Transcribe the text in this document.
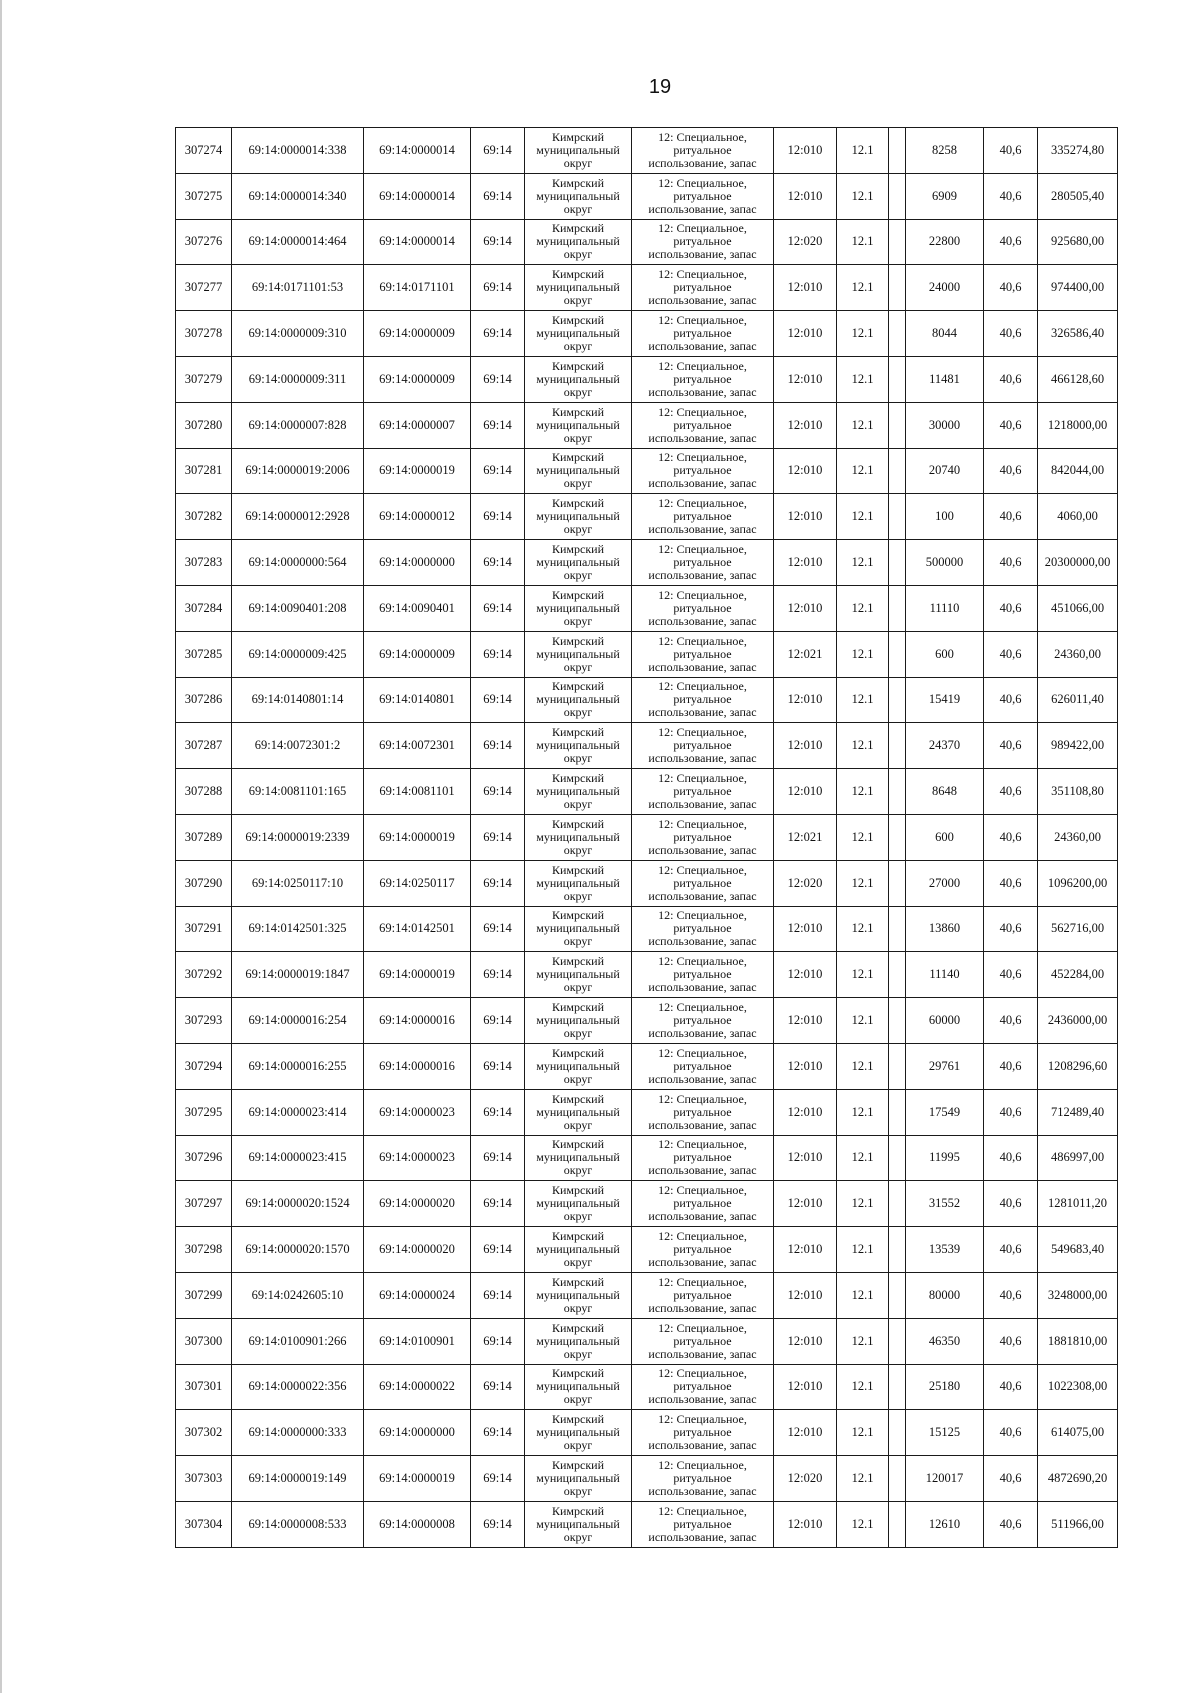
19
307274	69:14:0000014:338	69:14:0000014	69:14	Кимрский
муниципальный
округ	12: Специальное,
ритуальное
использование, запас	12:010	12.1		8258	40,6	335274,80
307275	69:14:0000014:340	69:14:0000014	69:14	Кимрский
муниципальный
округ	12: Специальное,
ритуальное
использование, запас	12:010	12.1		6909	40,6	280505,40
307276	69:14:0000014:464	69:14:0000014	69:14	Кимрский
муниципальный
округ	12: Специальное,
ритуальное
использование, запас	12:020	12.1		22800	40,6	925680,00
307277	69:14:0171101:53	69:14:0171101	69:14	Кимрский
муниципальный
округ	12: Специальное,
ритуальное
использование, запас	12:010	12.1		24000	40,6	974400,00
307278	69:14:0000009:310	69:14:0000009	69:14	Кимрский
муниципальный
округ	12: Специальное,
ритуальное
использование, запас	12:010	12.1		8044	40,6	326586,40
307279	69:14:0000009:311	69:14:0000009	69:14	Кимрский
муниципальный
округ	12: Специальное,
ритуальное
использование, запас	12:010	12.1		11481	40,6	466128,60
307280	69:14:0000007:828	69:14:0000007	69:14	Кимрский
муниципальный
округ	12: Специальное,
ритуальное
использование, запас	12:010	12.1		30000	40,6	1218000,00
307281	69:14:0000019:2006	69:14:0000019	69:14	Кимрский
муниципальный
округ	12: Специальное,
ритуальное
использование, запас	12:010	12.1		20740	40,6	842044,00
307282	69:14:0000012:2928	69:14:0000012	69:14	Кимрский
муниципальный
округ	12: Специальное,
ритуальное
использование, запас	12:010	12.1		100	40,6	4060,00
307283	69:14:0000000:564	69:14:0000000	69:14	Кимрский
муниципальный
округ	12: Специальное,
ритуальное
использование, запас	12:010	12.1		500000	40,6	20300000,00
307284	69:14:0090401:208	69:14:0090401	69:14	Кимрский
муниципальный
округ	12: Специальное,
ритуальное
использование, запас	12:010	12.1		11110	40,6	451066,00
307285	69:14:0000009:425	69:14:0000009	69:14	Кимрский
муниципальный
округ	12: Специальное,
ритуальное
использование, запас	12:021	12.1		600	40,6	24360,00
307286	69:14:0140801:14	69:14:0140801	69:14	Кимрский
муниципальный
округ	12: Специальное,
ритуальное
использование, запас	12:010	12.1		15419	40,6	626011,40
307287	69:14:0072301:2	69:14:0072301	69:14	Кимрский
муниципальный
округ	12: Специальное,
ритуальное
использование, запас	12:010	12.1		24370	40,6	989422,00
307288	69:14:0081101:165	69:14:0081101	69:14	Кимрский
муниципальный
округ	12: Специальное,
ритуальное
использование, запас	12:010	12.1		8648	40,6	351108,80
307289	69:14:0000019:2339	69:14:0000019	69:14	Кимрский
муниципальный
округ	12: Специальное,
ритуальное
использование, запас	12:021	12.1		600	40,6	24360,00
307290	69:14:0250117:10	69:14:0250117	69:14	Кимрский
муниципальный
округ	12: Специальное,
ритуальное
использование, запас	12:020	12.1		27000	40,6	1096200,00
307291	69:14:0142501:325	69:14:0142501	69:14	Кимрский
муниципальный
округ	12: Специальное,
ритуальное
использование, запас	12:010	12.1		13860	40,6	562716,00
307292	69:14:0000019:1847	69:14:0000019	69:14	Кимрский
муниципальный
округ	12: Специальное,
ритуальное
использование, запас	12:010	12.1		11140	40,6	452284,00
307293	69:14:0000016:254	69:14:0000016	69:14	Кимрский
муниципальный
округ	12: Специальное,
ритуальное
использование, запас	12:010	12.1		60000	40,6	2436000,00
307294	69:14:0000016:255	69:14:0000016	69:14	Кимрский
муниципальный
округ	12: Специальное,
ритуальное
использование, запас	12:010	12.1		29761	40,6	1208296,60
307295	69:14:0000023:414	69:14:0000023	69:14	Кимрский
муниципальный
округ	12: Специальное,
ритуальное
использование, запас	12:010	12.1		17549	40,6	712489,40
307296	69:14:0000023:415	69:14:0000023	69:14	Кимрский
муниципальный
округ	12: Специальное,
ритуальное
использование, запас	12:010	12.1		11995	40,6	486997,00
307297	69:14:0000020:1524	69:14:0000020	69:14	Кимрский
муниципальный
округ	12: Специальное,
ритуальное
использование, запас	12:010	12.1		31552	40,6	1281011,20
307298	69:14:0000020:1570	69:14:0000020	69:14	Кимрский
муниципальный
округ	12: Специальное,
ритуальное
использование, запас	12:010	12.1		13539	40,6	549683,40
307299	69:14:0242605:10	69:14:0000024	69:14	Кимрский
муниципальный
округ	12: Специальное,
ритуальное
использование, запас	12:010	12.1		80000	40,6	3248000,00
307300	69:14:0100901:266	69:14:0100901	69:14	Кимрский
муниципальный
округ	12: Специальное,
ритуальное
использование, запас	12:010	12.1		46350	40,6	1881810,00
307301	69:14:0000022:356	69:14:0000022	69:14	Кимрский
муниципальный
округ	12: Специальное,
ритуальное
использование, запас	12:010	12.1		25180	40,6	1022308,00
307302	69:14:0000000:333	69:14:0000000	69:14	Кимрский
муниципальный
округ	12: Специальное,
ритуальное
использование, запас	12:010	12.1		15125	40,6	614075,00
307303	69:14:0000019:149	69:14:0000019	69:14	Кимрский
муниципальный
округ	12: Специальное,
ритуальное
использование, запас	12:020	12.1		120017	40,6	4872690,20
307304	69:14:0000008:533	69:14:0000008	69:14	Кимрский
муниципальный
округ	12: Специальное,
ритуальное
использование, запас	12:010	12.1		12610	40,6	511966,00
